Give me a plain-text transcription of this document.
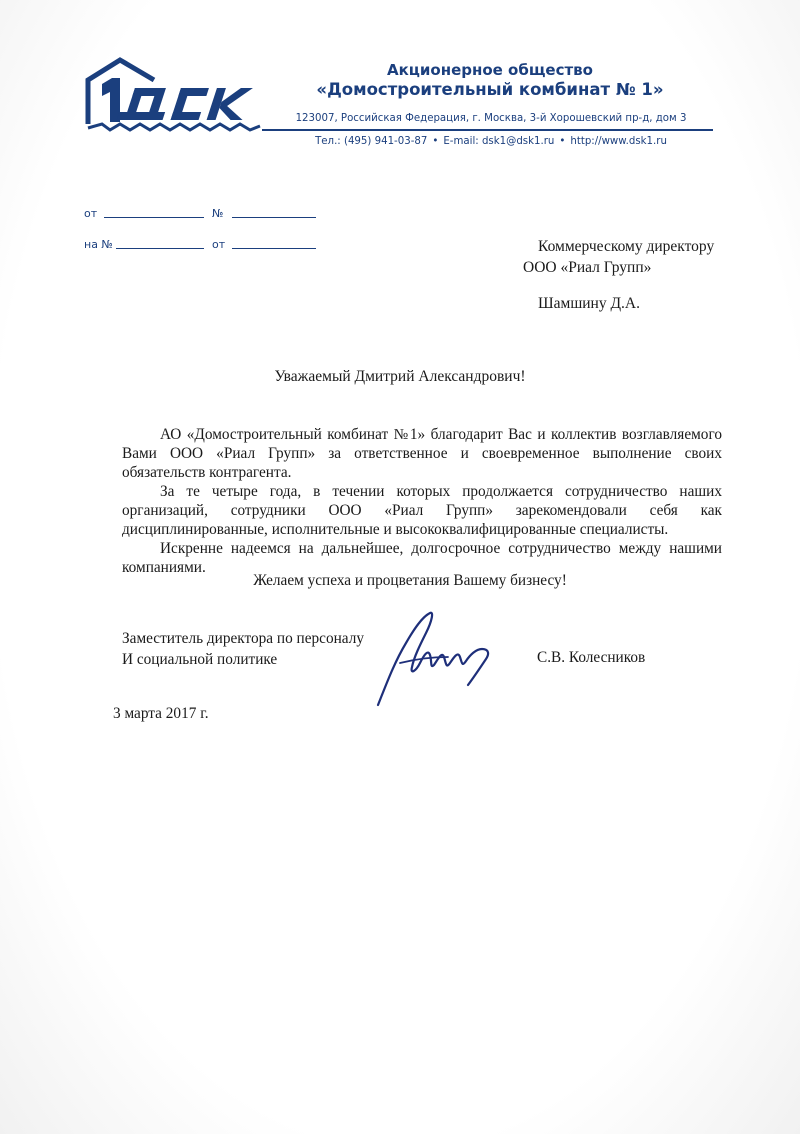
Акционерное общество
«Домостроительный комбинат № 1»
123007, Российская Федерация, г. Москва, 3-й Хорошевский пр-д, дом 3
Тел.: (495) 941-03-87 • E-mail: dsk1@dsk1.ru • http://www.dsk1.ru
от	№
на №	от	Коммерческому директору
ООО «Риал Групп»
Шамшину Д.А.
Уважаемый Дмитрий Александрович!

АО «Домостроительный комбинат №1» благодарит Вас и коллектив возглавляемого Вами ООО «Риал Групп» за ответственное и своевременное выполнение своих обязательств контрагента.

За те четыре года, в течении которых продолжается сотрудничество наших организаций, сотрудники ООО «Риал Групп» зарекомендовали себя как дисциплинированные, исполнительные и высококвалифицированные специалисты.

Искренне надеемся на дальнейшее, долгосрочное сотрудничество между нашими компаниями.

Желаем успеха и процветания Вашему бизнесу!
Заместитель директора по персоналу
И социальной политике	С.В. Колесников
3 марта 2017 г.
